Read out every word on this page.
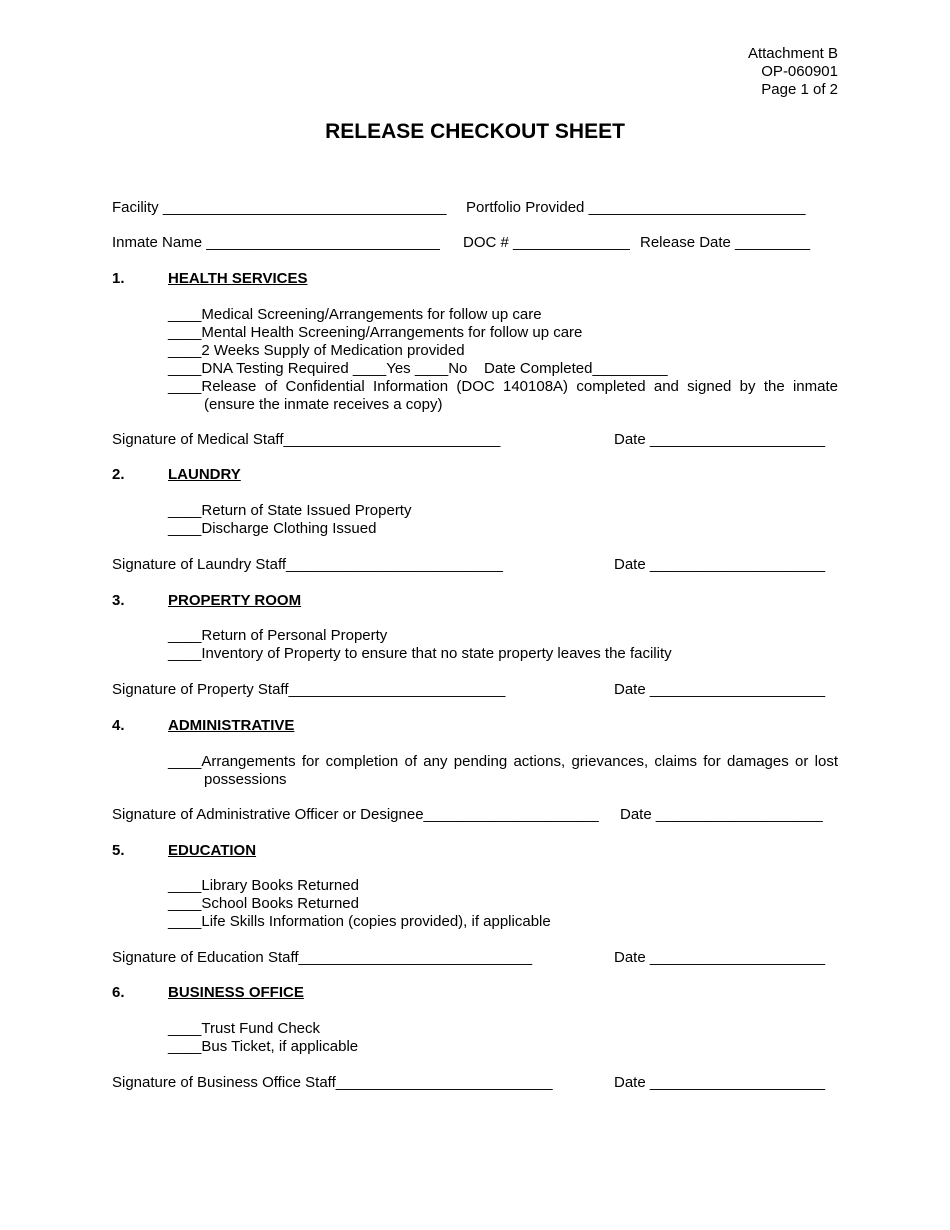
Attachment B
OP-060901
Page 1 of 2
RELEASE CHECKOUT SHEET
Facility __________________________________ Portfolio Provided __________________________
Inmate Name ____________________________ DOC # ______________ Release Date _________
1.	HEALTH SERVICES
____Medical Screening/Arrangements for follow up care
____Mental Health Screening/Arrangements for follow up care
____2 Weeks Supply of Medication provided
____DNA Testing Required ____Yes ____No    Date Completed_________
____Release of Confidential Information (DOC 140108A) completed and signed by the inmate
(ensure the inmate receives a copy)
Signature of Medical Staff__________________________	Date _____________________
2.	LAUNDRY
____Return of State Issued Property
____Discharge Clothing Issued
Signature of Laundry Staff__________________________	Date _____________________
3.	PROPERTY ROOM
____Return of Personal Property
____Inventory of Property to ensure that no state property leaves the facility
Signature of Property Staff__________________________	Date _____________________
4.	ADMINISTRATIVE
____Arrangements for completion of any pending actions, grievances, claims for damages or lost
possessions
Signature of Administrative Officer or Designee_____________________ Date ____________________
5.	EDUCATION
____Library Books Returned
____School Books Returned
____Life Skills Information (copies provided), if applicable
Signature of Education Staff____________________________	Date _____________________
6.	BUSINESS OFFICE
____Trust Fund Check
____Bus Ticket, if applicable
Signature of Business Office Staff__________________________	Date _____________________
